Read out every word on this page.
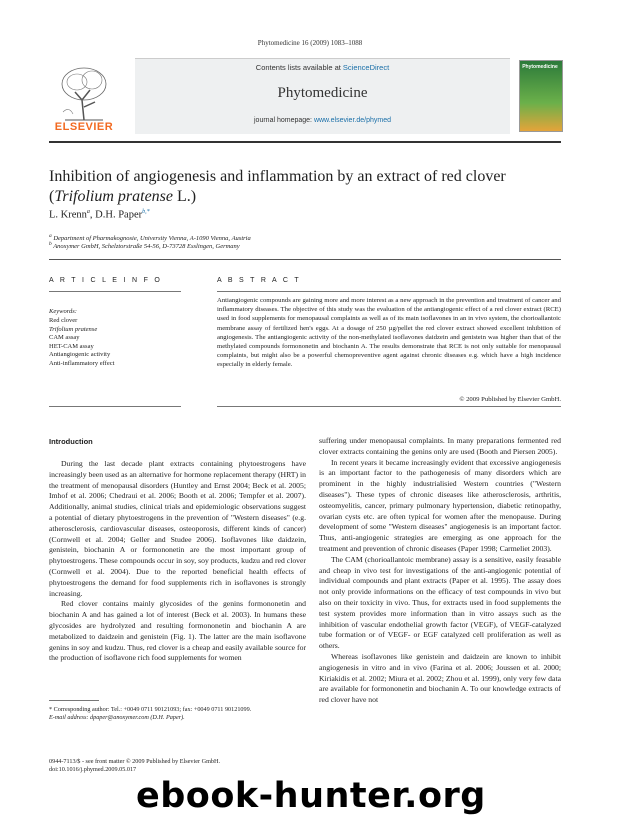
Phytomedicine 16 (2009) 1083–1088
ELSEVIER
Contents lists available at ScienceDirect
Phytomedicine
journal homepage: www.elsevier.de/phymed
Phytomedicine
Inhibition of angiogenesis and inflammation by an extract of red clover (Trifolium pratense L.)
L. Krenn$^a$, D.H. Paper$^{b,*}$
$^a$ Department of Pharmakognosie, University Vienna, A-1090 Vienna, Austria
$^b$ Anoxymer GmbH, Schelztorstraße 54-56, D-73728 Esslingen, Germany
A R T I C L E I N F O	A B S T R A C T
Keywords:
Red clover
Trifolium pratense
CAM assay
HET-CAM assay
Antiangiogenic activity
Anti-inflammatory effect
Antiangiogenic compounds are gaining more and more interest as a new approach in the prevention and treatment of cancer and inflammatory diseases. The objective of this study was the evaluation of the antiangiogenic effect of a red clover extract (RCE) used in food supplements for menopausal complaints as well as of its main isoflavones in an in vivo system, the chorioallantoic membrane assay of fertilized hen's eggs. At a dosage of 250 µg/pellet the red clover extract showed excellent inhibition of angiogenesis. The antiangiogenic activity of the non-methylated isoflavones daidzein and genistein was higher than that of the methylated compounds formononetin and biochanin A. The results demonstrate that RCE is not only suitable for menopausal complaints, but might also be a powerful chemopreventive agent against chronic diseases e.g. which have a high incidence especially in elderly female.
© 2009 Published by Elsevier GmbH.
Introduction

During the last decade plant extracts containing phytoestrogens have increasingly been used as an alternative for hormone replacement therapy (HRT) in the treatment of menopausal disorders (Huntley and Ernst 2004; Beck et al. 2005; Imhof et al. 2006; Chedraui et al. 2006; Booth et al. 2006; Tempfer et al. 2007). Additionally, animal studies, clinical trials and epidemiologic observations suggest a potential of dietary phytoestrogens in the prevention of "Western diseases" (e.g. atherosclerosis, cardiovascular diseases, osteoporosis, different kinds of cancer) (Cornwell et al. 2004; Geller and Studee 2006). Isoflavones like daidzein, genistein, biochanin A or formononetin are the most important group of phytoestrogens. These compounds occur in soy, soy products, kudzu and red clover (Cornwell et al. 2004). Due to the reported beneficial health effects of phytoestrogens the demand for food supplements rich in isoflavones is strongly increasing.

Red clover contains mainly glycosides of the genins formononetin and biochanin A and has gained a lot of interest (Beck et al. 2003). In humans these glycosides are hydrolyzed and resulting formononetin and biochanin A are metabolized to daidzein and genistein (Fig. 1). The latter are the main isoflavone genins in soy and kudzu. Thus, red clover is a cheap and easily available source for the production of isoflavone rich food supplements for women

suffering under menopausal complaints. In many preparations fermented red clover extracts containing the genins only are used (Booth and Piersen 2005).

In recent years it became increasingly evident that excessive angiogenesis is an important factor to the pathogenesis of many disorders which are prominent in the highly industrialisied Western countries ("Western diseases"). These types of chronic diseases like atherosclerosis, arthritis, osteomyelitis, cancer, primary pulmonary hypertension, diabetic retinopathy, ovarian cysts etc. are often typical for women after the menopause. During development of some "Western diseases" angiogenesis is an important factor. Thus, anti-angiogenic strategies are emerging as one approach for the treatment and prevention of chronic diseases (Paper 1998; Carmeliet 2003).

The CAM (chorioallantoic membrane) assay is a sensitive, easily feasable and cheap in vivo test for investigations of the anti-angiogenic potential of individual compounds and plant extracts (Paper et al. 1995). The assay does not only provide informations on the efficacy of test compounds in vivo but also on their toxicity in vivo. Thus, for extracts used in food supplements the test system provides more information than in vitro assays such as the inhibition of vascular endothelial growth factor (VEGF), of VEGF-catalyzed tube formation or of VEGF- or EGF catalyzed cell proliferation as well as others.

Whereas isoflavones like genistein and daidzein are known to inhibit angiogenesis in vitro and in vivo (Farina et al. 2006; Joussen et al. 2000; Kiriakidis et al. 2002; Miura et al. 2002; Zhou et al. 1999), only very few data are available for formononetin and biochanin A. To our knowledge extracts of red clover have not

* Corresponding author: Tel.: +0049 0711 90121093; fax: +0049 0711 90121099.
E-mail address: dpaper@anoxymer.com (D.H. Paper).
0944-7113/$ - see front matter © 2009 Published by Elsevier GmbH.
doi:10.1016/j.phymed.2009.05.017
ebook-hunter.org
